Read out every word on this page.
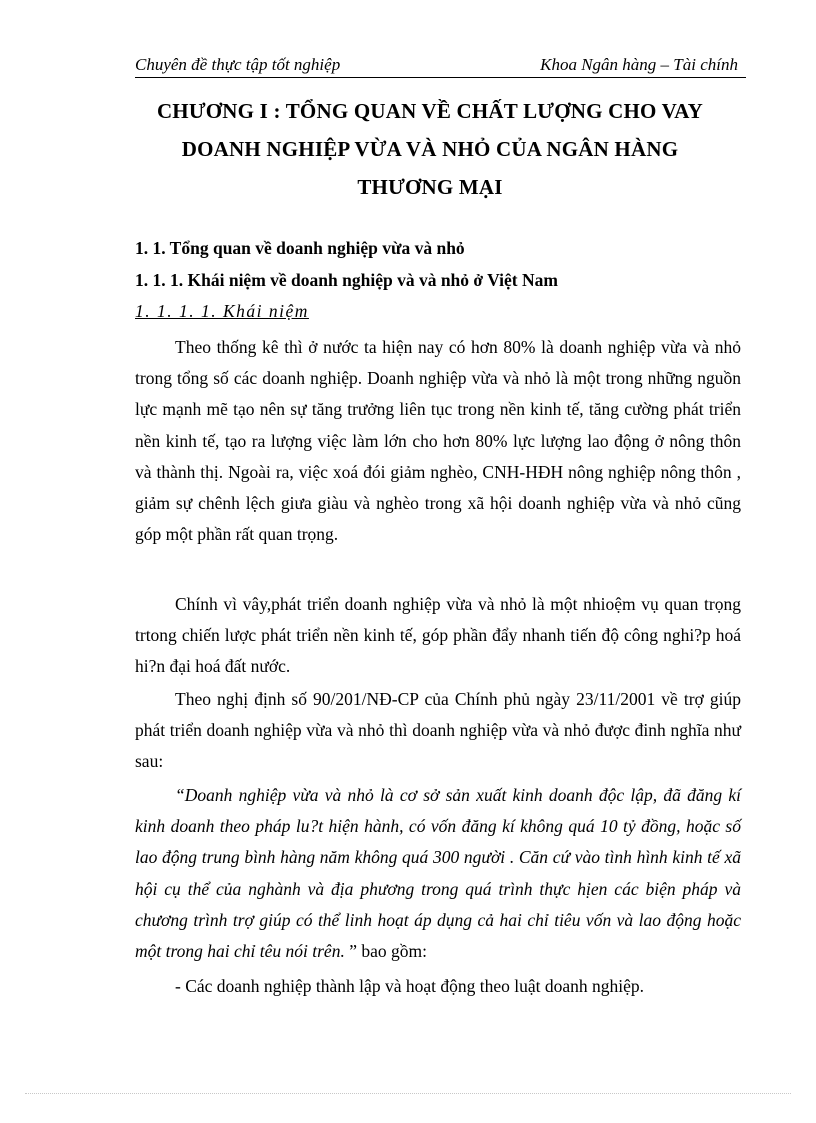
Chuyên đề thực tập tốt nghiệp	Khoa Ngân hàng – Tài chính
CHƯƠNG I : TỔNG QUAN VỀ CHẤT LƯỢNG CHO VAY
DOANH NGHIỆP VỪA VÀ NHỎ CỦA NGÂN HÀNG
THƯƠNG MẠI
1. 1. Tổng quan về doanh nghiệp vừa và nhỏ
1. 1. 1. Khái niệm về doanh nghiệp và và nhỏ ở Việt Nam
1. 1. 1. 1. Khái niệm

Theo thống kê thì ở nước ta hiện nay có hơn 80% là doanh nghiệp vừa và nhỏ trong tổng số các doanh nghiệp. Doanh nghiệp vừa và nhỏ là một trong những nguồn lực mạnh mẽ tạo nên sự tăng trưởng liên tục trong nền kinh tế, tăng cường phát triển nền kinh tế, tạo ra lượng việc làm lớn cho hơn 80% lực lượng lao động ở nông thôn và thành thị. Ngoài ra, việc xoá đói giảm nghèo, CNH-HĐH nông nghiệp nông thôn , giảm sự chênh lệch giưa giàu và nghèo trong xã hội doanh nghiệp vừa và nhỏ cũng góp một phần rất quan trọng.

Chính vì vây,phát triển doanh nghiệp vừa và nhỏ là một nhioệm vụ quan trọng trtong chiến lược phát triển nền kinh tế, góp phần đẩy nhanh tiến độ công nghi?p hoá hi?n đại hoá đất nước.

Theo nghị định số 90/201/NĐ-CP của Chính phủ ngày 23/11/2001 về trợ giúp phát triển doanh nghiệp vừa và nhỏ thì doanh nghiệp vừa và nhỏ được đinh nghĩa như sau:

“Doanh nghiệp vừa và nhỏ là cơ sở sản xuất kinh doanh độc lập, đã đăng kí kinh doanh theo pháp lu?t hiện hành, có vốn đăng kí không quá 10 tỷ đồng, hoặc số lao động trung bình hàng năm không quá 300 người . Căn cứ vào tình hình kinh tế xã hội cụ thể của nghành và địa phương trong quá trình thực hịen các biện pháp và chương trình trợ giúp có thể linh hoạt áp dụng cả hai chỉ tiêu vốn và lao động hoặc một trong hai chỉ têu nói trên. ” bao gồm:

- Các doanh nghiệp thành lập và hoạt động theo luật doanh nghiệp.
